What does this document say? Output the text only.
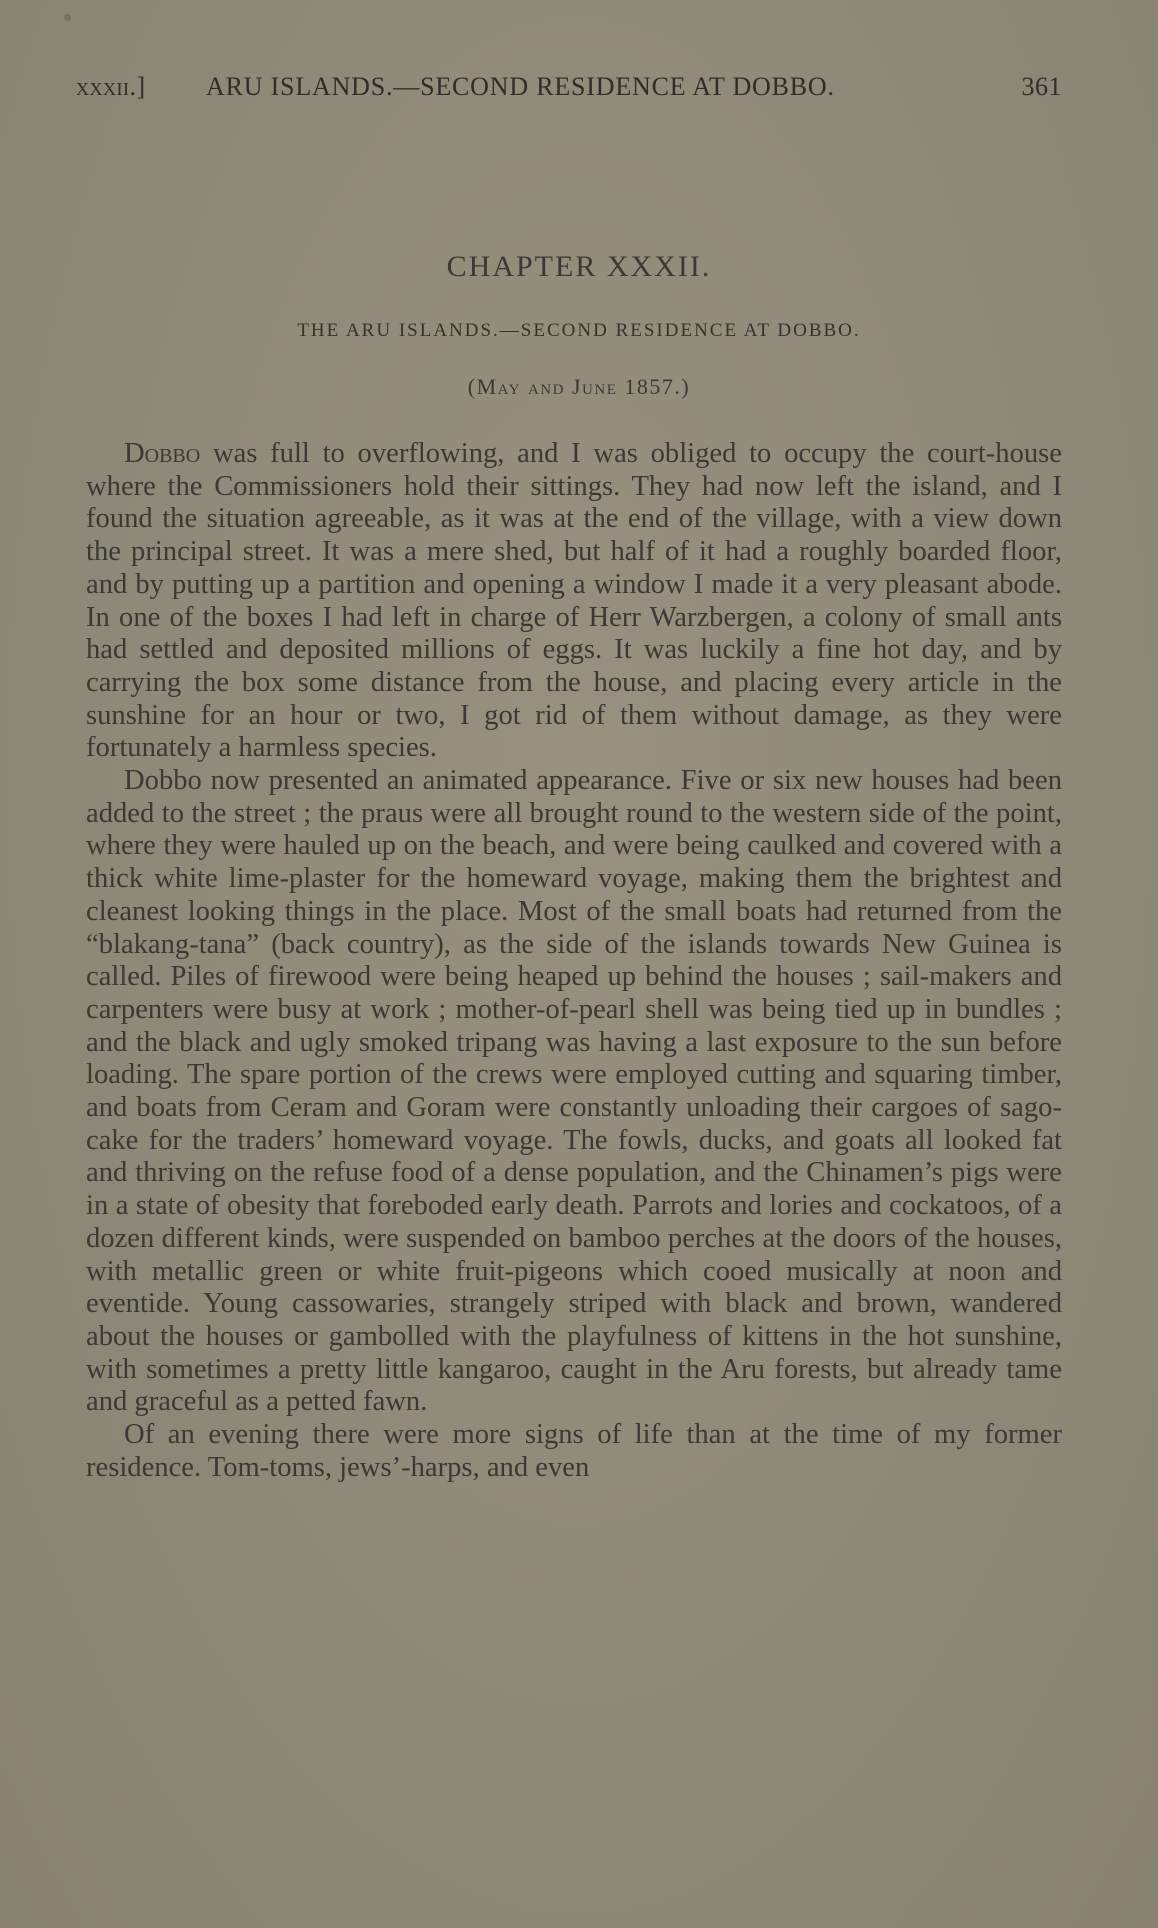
xxxii.] ARU ISLANDS.—SECOND RESIDENCE AT DOBBO.	361
CHAPTER XXXII.
THE ARU ISLANDS.—SECOND RESIDENCE AT DOBBO.
(May and June 1857.)

Dobbo was full to overflowing, and I was obliged to occupy the court-house where the Commissioners hold their sittings. They had now left the island, and I found the situation agreeable, as it was at the end of the village, with a view down the principal street. It was a mere shed, but half of it had a roughly boarded floor, and by putting up a partition and opening a window I made it a very pleasant abode. In one of the boxes I had left in charge of Herr Warzbergen, a colony of small ants had settled and deposited millions of eggs. It was luckily a fine hot day, and by carrying the box some distance from the house, and placing every article in the sunshine for an hour or two, I got rid of them without damage, as they were fortunately a harmless species.

Dobbo now presented an animated appearance. Five or six new houses had been added to the street ; the praus were all brought round to the western side of the point, where they were hauled up on the beach, and were being caulked and covered with a thick white lime-plaster for the homeward voyage, making them the brightest and cleanest looking things in the place. Most of the small boats had returned from the “blakang-tana” (back country), as the side of the islands towards New Guinea is called. Piles of firewood were being heaped up behind the houses ; sail-makers and carpenters were busy at work ; mother-of-pearl shell was being tied up in bundles ; and the black and ugly smoked tripang was having a last exposure to the sun before loading. The spare portion of the crews were employed cutting and squaring timber, and boats from Ceram and Goram were constantly unloading their cargoes of sago-cake for the traders’ homeward voyage. The fowls, ducks, and goats all looked fat and thriving on the refuse food of a dense population, and the Chinamen’s pigs were in a state of obesity that foreboded early death. Parrots and lories and cockatoos, of a dozen different kinds, were suspended on bamboo perches at the doors of the houses, with metallic green or white fruit-pigeons which cooed musically at noon and eventide. Young cassowaries, strangely striped with black and brown, wandered about the houses or gambolled with the playfulness of kittens in the hot sunshine, with sometimes a pretty little kangaroo, caught in the Aru forests, but already tame and graceful as a petted fawn.

Of an evening there were more signs of life than at the time of my former residence. Tom-toms, jews’-harps, and even
